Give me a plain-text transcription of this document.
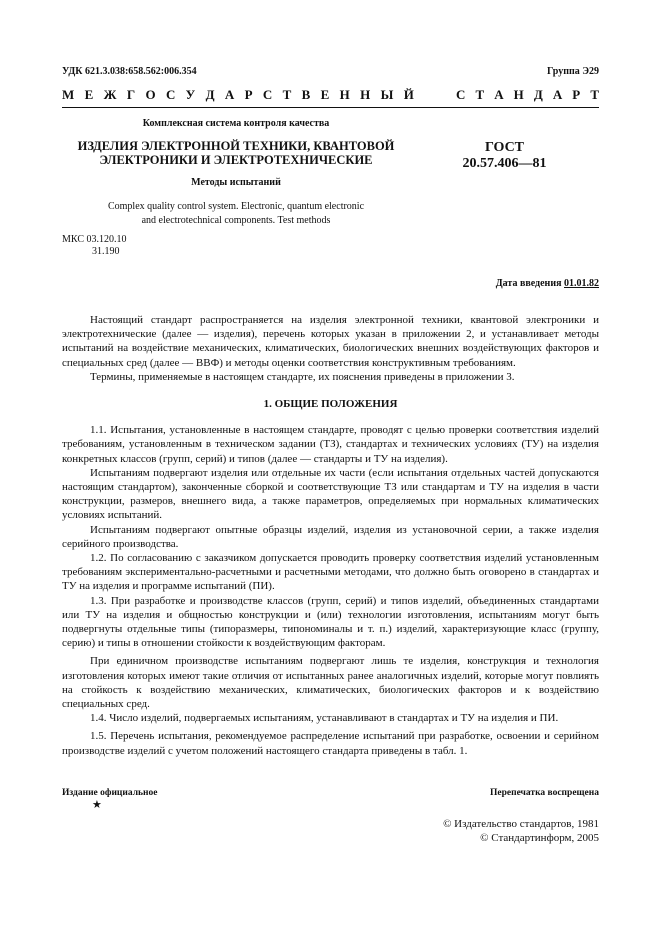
УДК 621.3.038:658.562:006.354	Группа Э29
М Е Ж Г О С У Д А Р С Т В Е Н Н Ы Й	С Т А Н Д А Р Т
Комплексная система контроля качества
ИЗДЕЛИЯ ЭЛЕКТРОННОЙ ТЕХНИКИ, КВАНТОВОЙ
ЭЛЕКТРОНИКИ И ЭЛЕКТРОТЕХНИЧЕСКИЕ
Методы испытаний
ГОСТ
20.57.406—81
Complex quality control system. Electronic, quantum electronic
and electrotechnical components. Test methods
МКС 03.120.10
31.190
Дата введения 01.01.82

Настоящий стандарт распространяется на изделия электронной техники, квантовой электроники и электротехнические (далее — изделия), перечень которых указан в приложении 2, и устанавливает методы испытаний на воздействие механических, климатических, биологических внешних воздействующих факторов и специальных сред (далее — ВВФ) и методы оценки соответствия конструктивным требованиям.

Термины, применяемые в настоящем стандарте, их пояснения приведены в приложении 3.

1. ОБЩИЕ ПОЛОЖЕНИЯ

1.1. Испытания, установленные в настоящем стандарте, проводят с целью проверки соответствия изделий требованиям, установленным в техническом задании (ТЗ), стандартах и технических условиях (ТУ) на изделия конкретных классов (групп, серий) и типов (далее — стандарты и ТУ на изделия).

Испытаниям подвергают изделия или отдельные их части (если испытания отдельных частей допускаются настоящим стандартом), законченные сборкой и соответствующие ТЗ или стандартам и ТУ на изделия в части конструкции, размеров, внешнего вида, а также параметров, определяемых при нормальных климатических условиях испытаний.

Испытаниям подвергают опытные образцы изделий, изделия из установочной серии, а также изделия серийного производства.

1.2. По согласованию с заказчиком допускается проводить проверку соответствия изделий установленным требованиям экспериментально-расчетными и расчетными методами, что должно быть оговорено в стандартах и ТУ на изделия и программе испытаний (ПИ).

1.3. При разработке и производстве классов (групп, серий) и типов изделий, объединенных стандартами или ТУ на изделия и общностью конструкции и (или) технологии изготовления, испытаниям могут быть подвергнуты отдельные типы (типоразмеры, типономиналы и т. п.) изделий, характеризующие класс (группу, серию) и типы в отношении стойкости к воздействующим факторам.

При единичном производстве испытаниям подвергают лишь те изделия, конструкция и технология изготовления которых имеют такие отличия от испытанных ранее аналогичных изделий, которые могут повлиять на стойкость к воздействию механических, климатических, биологических факторов и к воздействию специальных сред.

1.4. Число изделий, подвергаемых испытаниям, устанавливают в стандартах и ТУ на изделия и ПИ.

1.5. Перечень испытания, рекомендуемое распределение испытаний при разработке, освоении и серийном производстве изделий с учетом положений настоящего стандарта приведены в табл. 1.

Издание официальное	Перепечатка воспрещена
★
© Издательство стандартов, 1981
© Стандартинформ, 2005
